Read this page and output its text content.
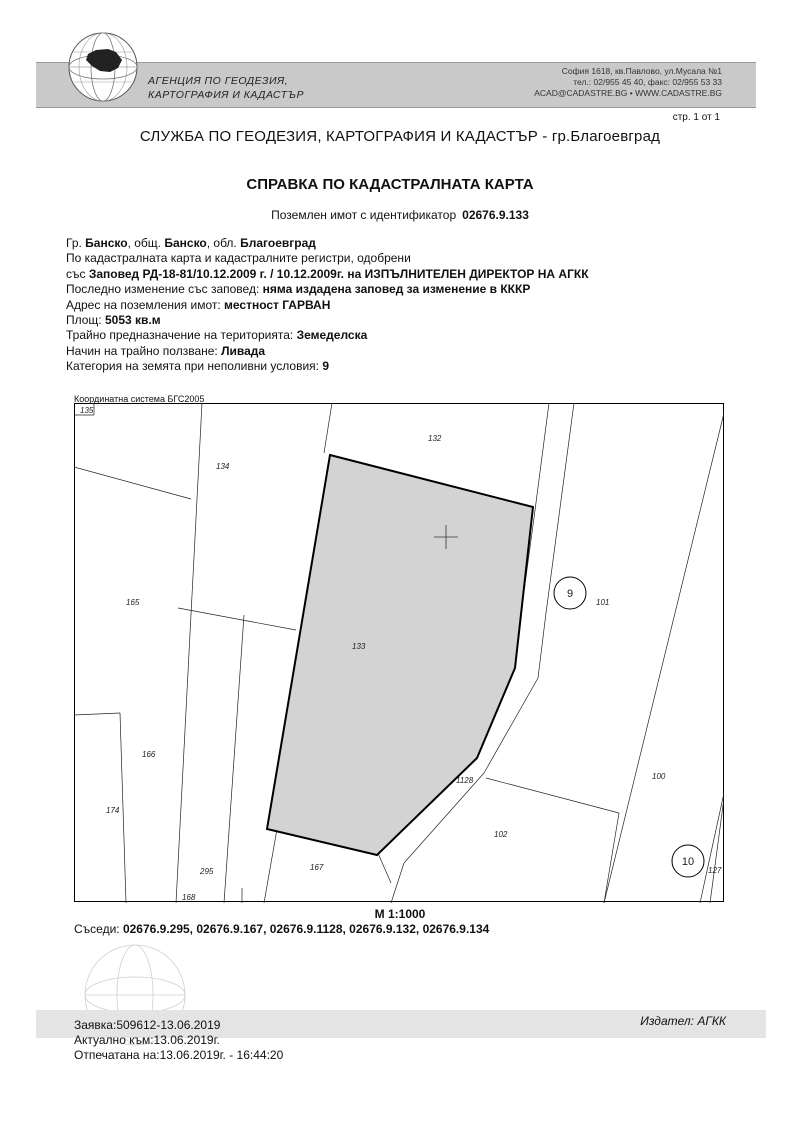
АГЕНЦИЯ ПО ГЕОДЕЗИЯ,
КАРТОГРАФИЯ И КАДАСТЪР
София 1618, кв.Павлово, ул.Мусала №1
тел.: 02/955 45 40, факс: 02/955 53 33
ACAD@CADASTRE.BG • WWW.CADASTRE.BG
стр. 1 от 1
СЛУЖБА ПО ГЕОДЕЗИЯ, КАРТОГРАФИЯ И КАДАСТЪР - гр.Благоевград
СПРАВКА ПО КАДАСТРАЛНАТА КАРТА
Поземлен имот с идентификатор 02676.9.133
Гр. Банско, общ. Банско, обл. Благоевград
По кадастралната карта и кадастралните регистри, одобрени
със Заповед РД-18-81/10.12.2009 г. / 10.12.2009г. на ИЗПЪЛНИТЕЛЕН ДИРЕКТОР НА АГКК
Последно изменение със заповед: няма издадена заповед за изменение в КККР
Адрес на поземления имот: местност ГАРВАН
Площ: 5053 кв.м
Трайно предназначение на територията: Земеделска
Начин на трайно ползване: Ливада
Категория на земята при неполивни условия: 9
Координатна система БГС2005
135
134
132
165
133
101
166
174
1128	100
102
295	167
168
127
9
10
М 1:1000
Съседи: 02676.9.295, 02676.9.167, 02676.9.1128, 02676.9.132, 02676.9.134
Издател: АГКК
Заявка:509612-13.06.2019
Актуално към:13.06.2019г.
Отпечатана на:13.06.2019г. - 16:44:20
